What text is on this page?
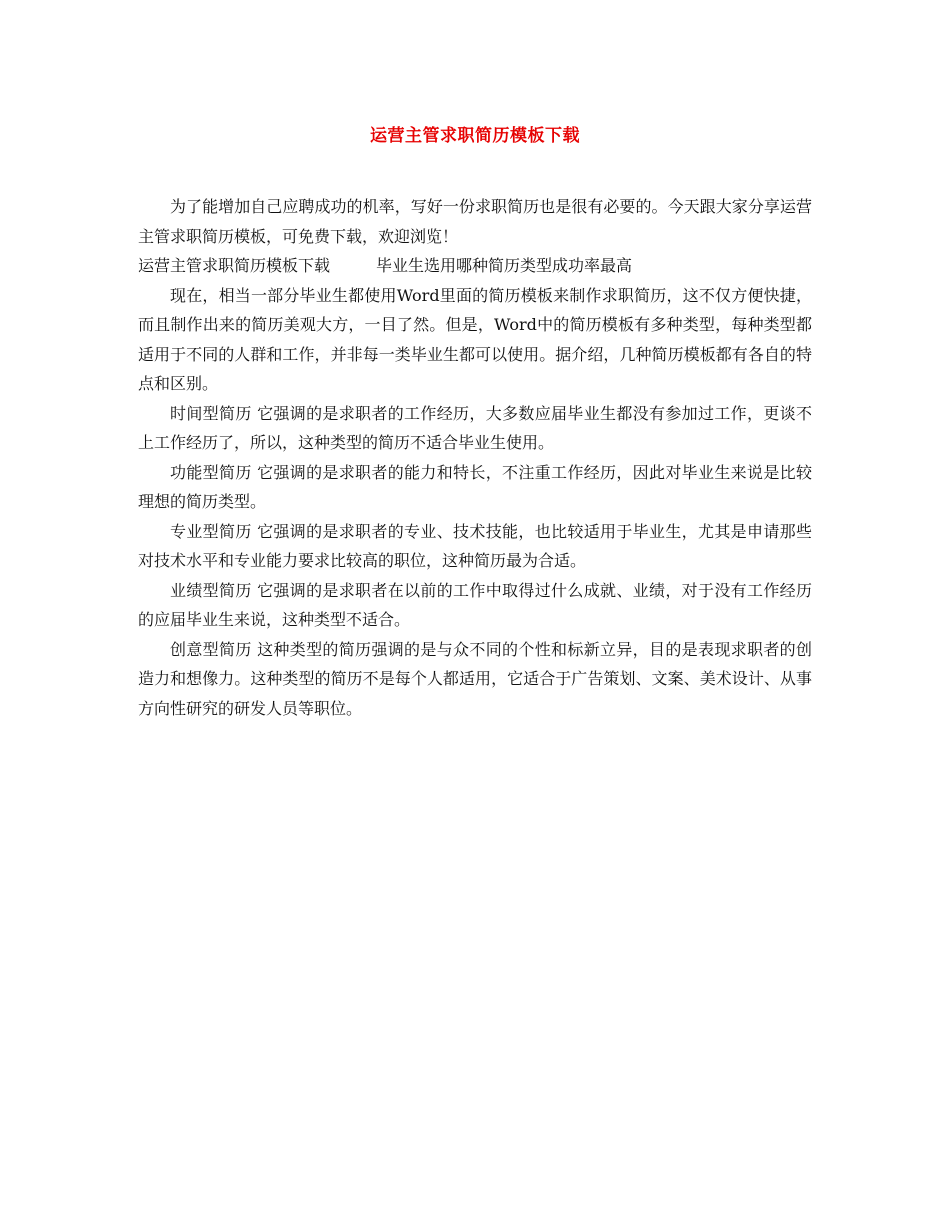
运营主管求职简历模板下载

为了能增加自己应聘成功的机率，写好一份求职简历也是很有必要的。今天跟大家分享运营主管求职简历模板，可免费下载，欢迎浏览！

运营主管求职简历模板下载	毕业生选用哪种简历类型成功率最高

现在，相当一部分毕业生都使用Word里面的简历模板来制作求职简历，这不仅方便快捷，而且制作出来的简历美观大方，一目了然。但是，Word中的简历模板有多种类型，每种类型都适用于不同的人群和工作，并非每一类毕业生都可以使用。据介绍，几种简历模板都有各自的特点和区别。

时间型简历 它强调的是求职者的工作经历，大多数应届毕业生都没有参加过工作，更谈不上工作经历了，所以，这种类型的简历不适合毕业生使用。

功能型简历 它强调的是求职者的能力和特长，不注重工作经历，因此对毕业生来说是比较理想的简历类型。

专业型简历 它强调的是求职者的专业、技术技能，也比较适用于毕业生，尤其是申请那些对技术水平和专业能力要求比较高的职位，这种简历最为合适。

业绩型简历 它强调的是求职者在以前的工作中取得过什么成就、业绩，对于没有工作经历的应届毕业生来说，这种类型不适合。

创意型简历 这种类型的简历强调的是与众不同的个性和标新立异，目的是表现求职者的创造力和想像力。这种类型的简历不是每个人都适用，它适合于广告策划、文案、美术设计、从事方向性研究的研发人员等职位。
